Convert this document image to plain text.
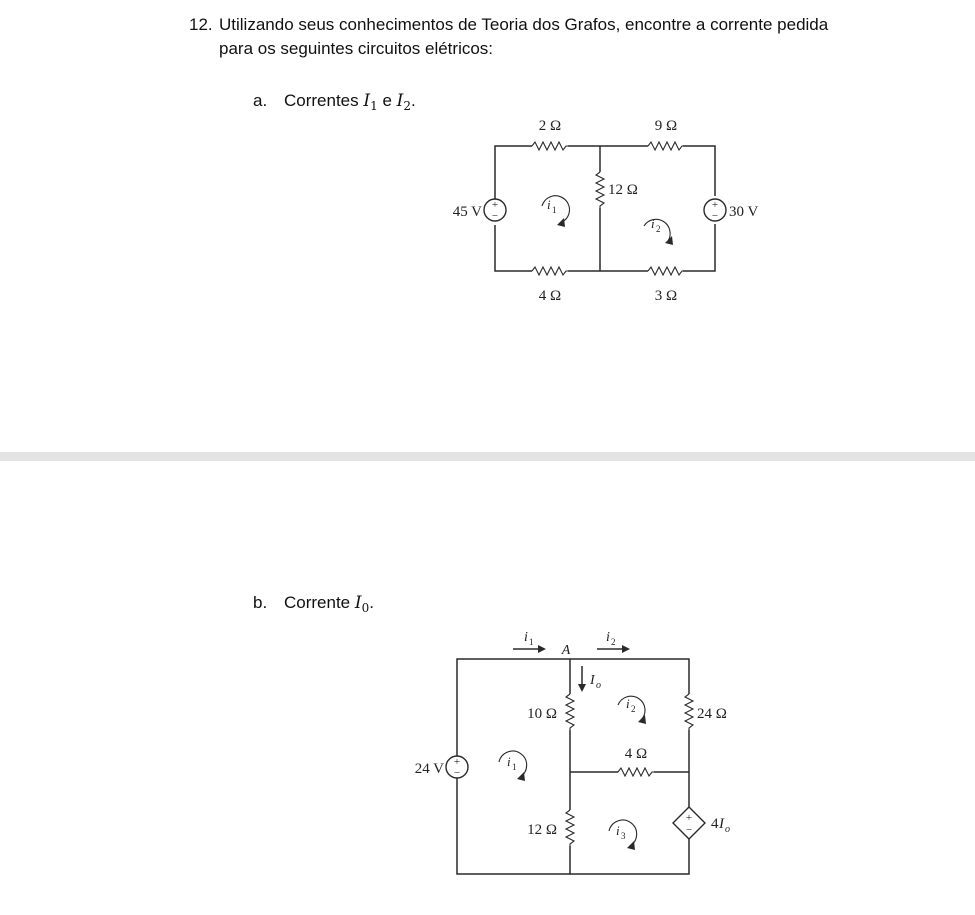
12. Utilizando seus conhecimentos de Teoria dos Grafos, encontre a corrente pedida
para os seguintes circuitos elétricos:
a. Correntes $I_1$ e $I_2$.
+
−
+
−
2 Ω	9 Ω
12 Ω
4 Ω	3 Ω
45 V	30 V
i 1
i 2
b. Corrente $I_0$.
+
−
+
−
i 1	i 2
A
I o
10 Ω	24 Ω
4 Ω
12 Ω
24 V
4 I o
i 1
i 2
i 3
